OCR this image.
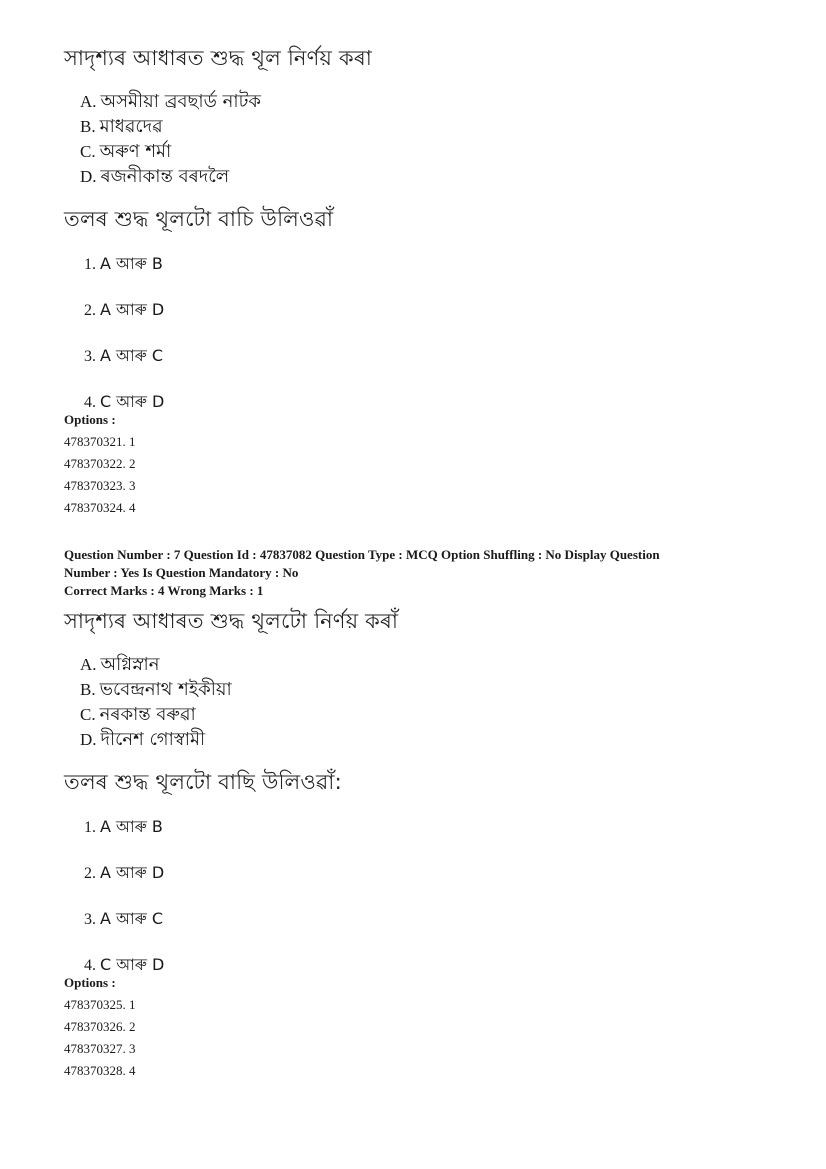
সাদৃশ্যৰ আধাৰত শুদ্ধ থূল নিৰ্ণয় কৰা
A. অসমীয়া ব্ৰবছাৰ্ড নাটক
B. মাধৱদেৱ
C. অৰুণ শৰ্মা
D. ৰজনীকান্ত বৰদলৈ
তলৰ শুদ্ধ থূলটো বাচি উলিওৱাঁ
1. A আৰু B
2. A আৰু D
3. A আৰু C
4. C আৰু D
Options :
478370321. 1
478370322. 2
478370323. 3
478370324. 4
Question Number : 7 Question Id : 47837082 Question Type : MCQ Option Shuffling : No Display Question
Number : Yes Is Question Mandatory : No
Correct Marks : 4 Wrong Marks : 1
সাদৃশ্যৰ আধাৰত শুদ্ধ থূলটো নিৰ্ণয় কৰাঁ
A. অগ্নিস্নান
B. ভবেন্দ্ৰনাথ শইকীয়া
C. নৰকান্ত বৰুৱা
D. দীনেশ গোস্বামী
তলৰ শুদ্ধ থূলটো বাছি উলিওৱাঁ:
1. A আৰু B
2. A আৰু D
3. A আৰু C
4. C আৰু D
Options :
478370325. 1
478370326. 2
478370327. 3
478370328. 4
